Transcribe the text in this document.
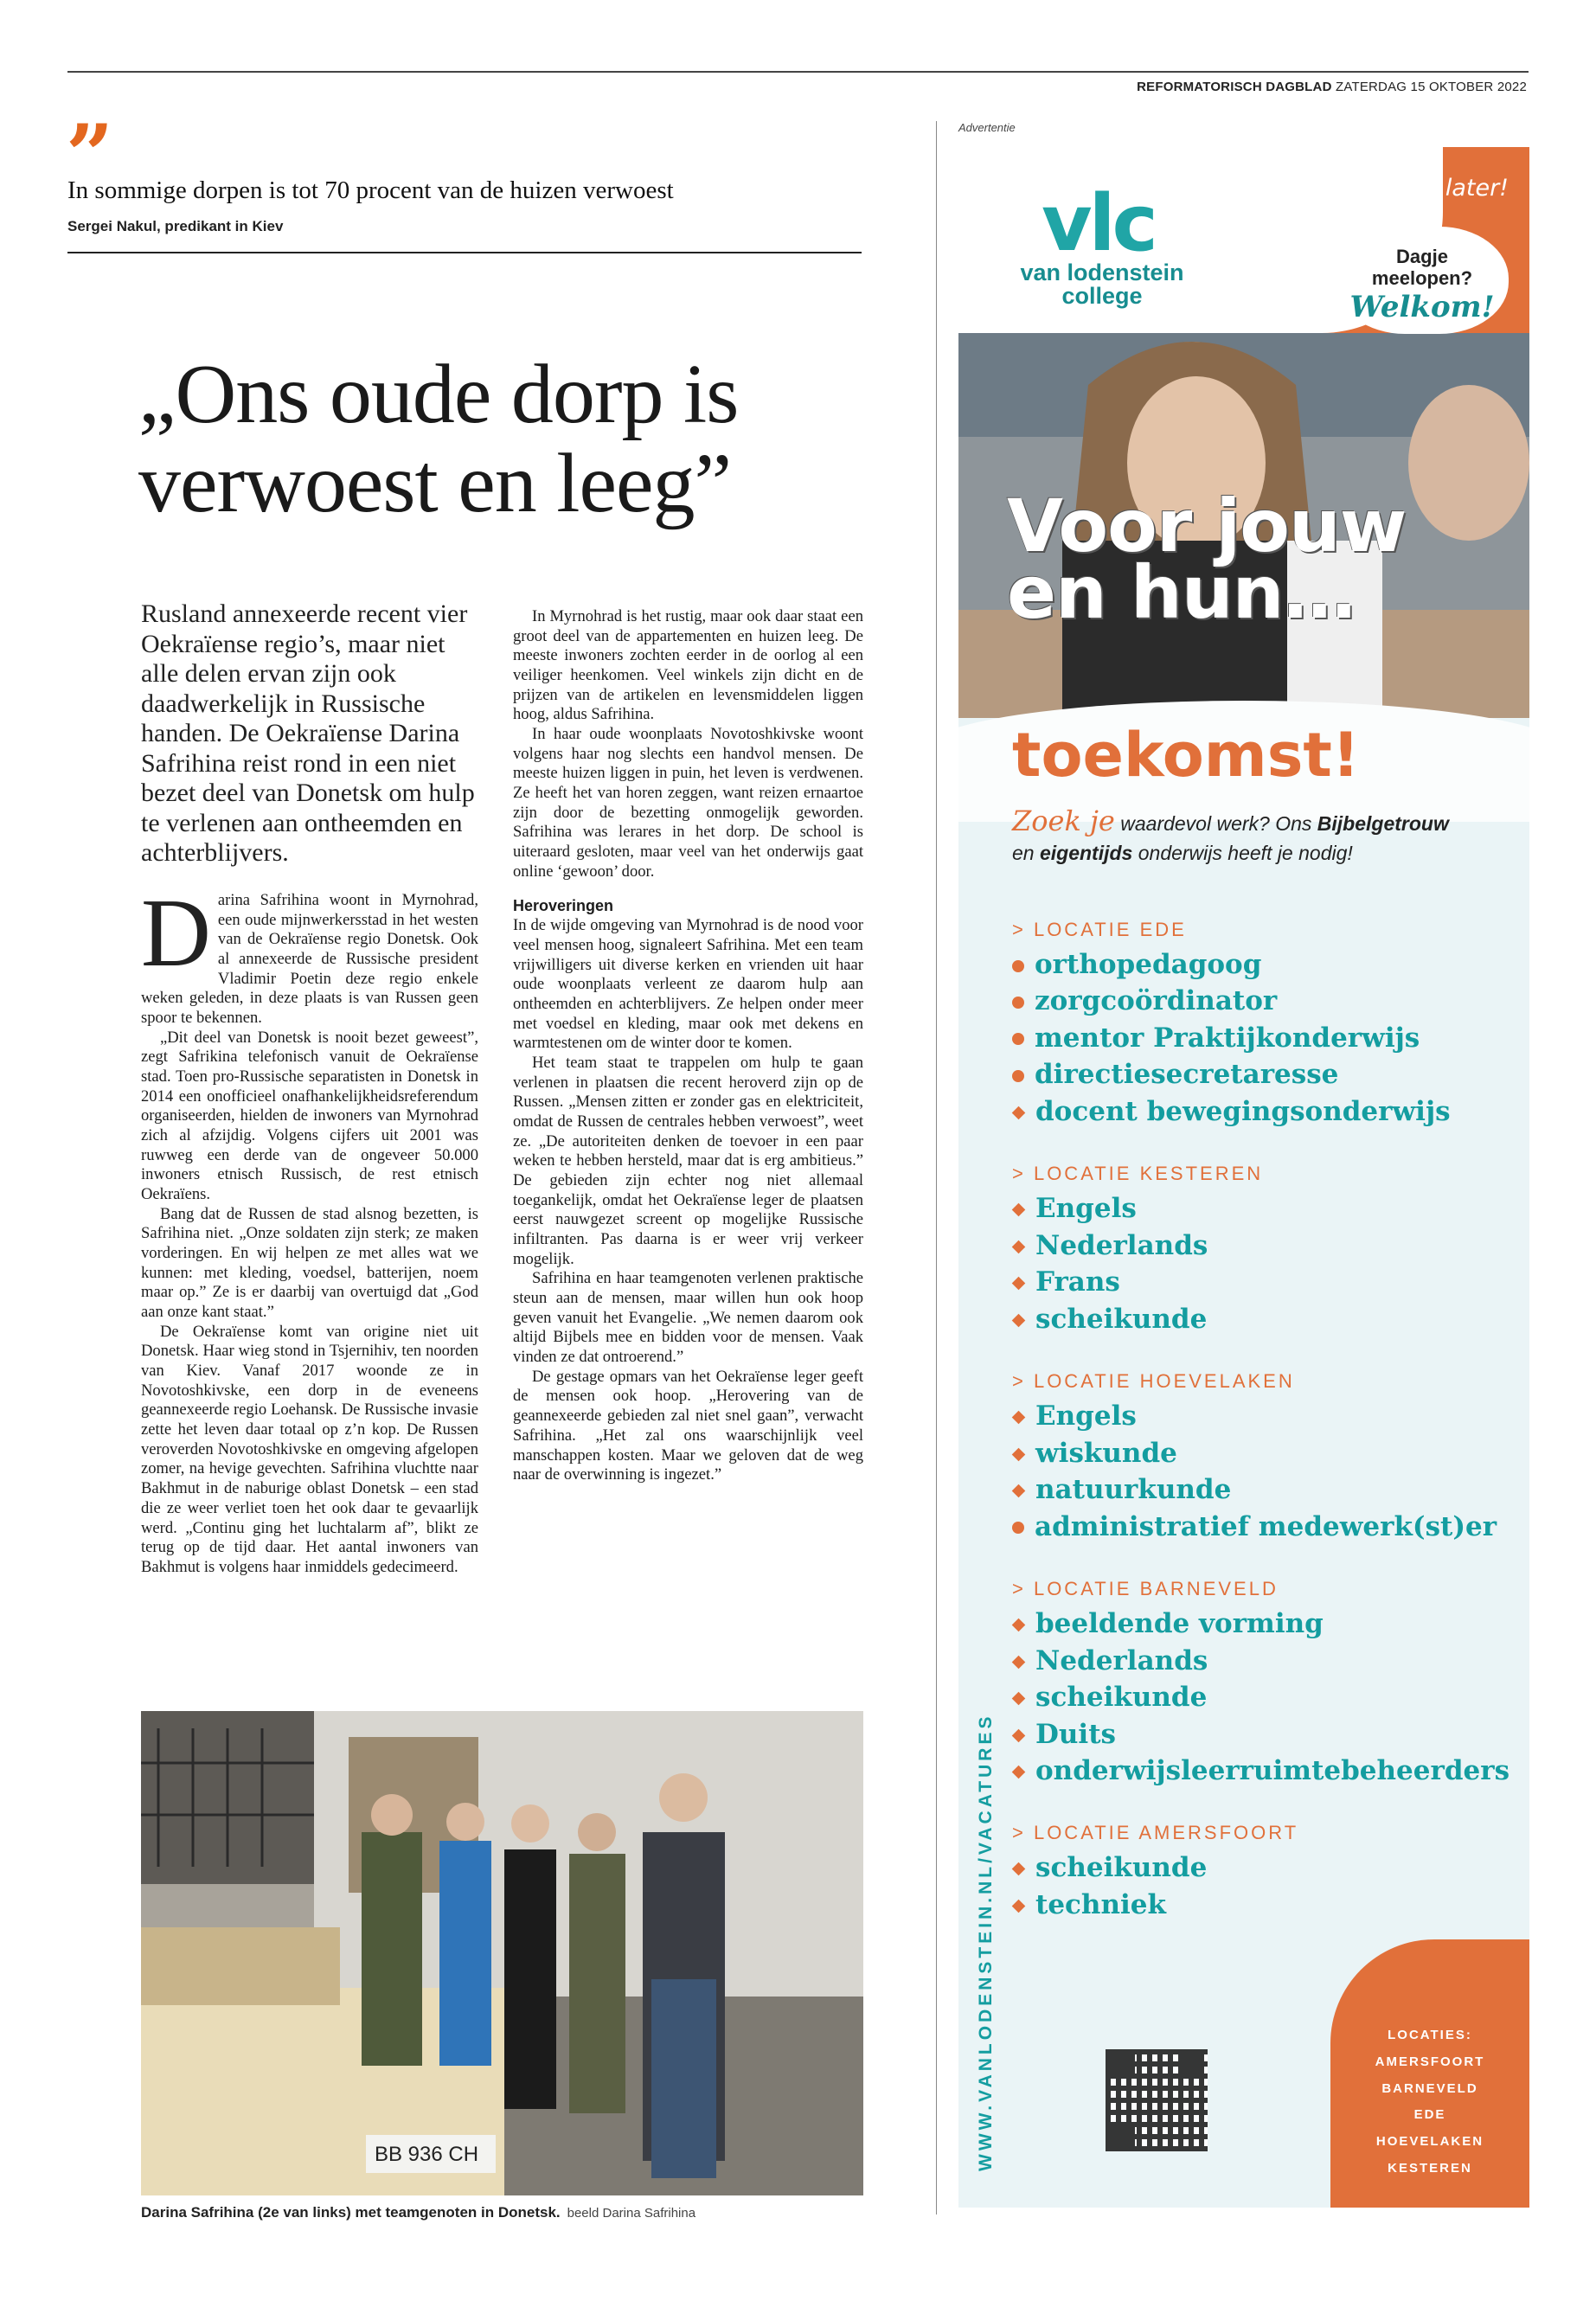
REFORMATORISCH DAGBLAD ZATERDAG 15 OKTOBER 2022
”
In sommige dorpen is tot 70 procent van de huizen verwoest
Sergei Nakul, predikant in Kiev
„Ons oude dorp is verwoest en leeg”
Rusland annexeerde recent vier Oekraïense regio’s, maar niet alle delen ervan zijn ook daadwerkelijk in Russische handen. De Oekraïense Darina Safrihina reist rond in een niet bezet deel van Donetsk om hulp te verlenen aan ontheemden en achterblijvers.
D arina Safrihina woont in Myrnohrad, een oude mijnwerkersstad in het westen van de Oekraïense regio Donetsk. Ook al annexeerde de Russische president Vladimir Poetin deze regio enkele weken geleden, in deze plaats is van Russen geen spoor te bekennen.

„Dit deel van Donetsk is nooit bezet geweest”, zegt Safrikina telefonisch vanuit de Oekraïense stad. Toen pro-Russische separatisten in Donetsk in 2014 een onofficieel onafhankelijkheidsreferendum organiseerden, hielden de inwoners van Myrnohrad zich al afzijdig. Volgens cijfers uit 2001 was ruwweg een derde van de ongeveer 50.000 inwoners etnisch Russisch, de rest etnisch Oekraïens.

Bang dat de Russen de stad alsnog bezetten, is Safrihina niet. „Onze soldaten zijn sterk; ze maken vorderingen. En wij helpen ze met alles wat we kunnen: met kleding, voedsel, batterijen, noem maar op.” Ze is er daarbij van overtuigd dat „God aan onze kant staat.”

De Oekraïense komt van origine niet uit Donetsk. Haar wieg stond in Tsjernihiv, ten noorden van Kiev. Vanaf 2017 woonde ze in Novotoshkivske, een dorp in de eveneens geannexeerde regio Loehansk. De Russische invasie zette het leven daar totaal op z’n kop. De Russen veroverden Novotoshkivske en omgeving afgelopen zomer, na hevige gevechten. Safrihina vluchtte naar Bakhmut in de naburige oblast Donetsk – een stad die ze weer verliet toen het ook daar te gevaarlijk werd. „Continu ging het luchtalarm af”, blikt ze terug op de tijd daar. Het aantal inwoners van Bakhmut is volgens haar inmiddels gedecimeerd.

In Myrnohrad is het rustig, maar ook daar staat een groot deel van de appartementen en huizen leeg. De meeste inwoners zochten eerder in de oorlog al een veiliger heenkomen. Veel winkels zijn dicht en de prijzen van de artikelen en levensmiddelen liggen hoog, aldus Safrihina.

In haar oude woonplaats Novotoshkivske woont volgens haar nog slechts een handvol mensen. De meeste huizen liggen in puin, het leven is verdwenen. Ze heeft het van horen zeggen, want reizen ernaartoe zijn door de bezetting onmogelijk geworden. Safrihina was lerares in het dorp. De school is uiteraard gesloten, maar veel van het onderwijs gaat online ‘gewoon’ door.

Heroveringen

In de wijde omgeving van Myrnohrad is de nood voor veel mensen hoog, signaleert Safrihina. Met een team vrijwilligers uit diverse kerken en vrienden uit haar oude woonplaats verleent ze daarom hulp aan ontheemden en achterblijvers. Ze helpen onder meer met voedsel en kleding, maar ook met dekens en warmtestenen om de winter door te komen.

Het team staat te trappelen om hulp te gaan verlenen in plaatsen die recent heroverd zijn op de Russen. „Mensen zitten er zonder gas en elektriciteit, omdat de Russen de centrales hebben verwoest”, weet ze. „De autoriteiten denken de toevoer in een paar weken te hebben hersteld, maar dat is erg ambitieus.” De gebieden zijn echter nog niet allemaal toegankelijk, omdat het Oekraïense leger de plaatsen eerst nauwgezet screent op mogelijke Russische infiltranten. Pas daarna is er weer vrij verkeer mogelijk.

Safrihina en haar teamgenoten verlenen praktische steun aan de mensen, maar willen hun ook hoop geven vanuit het Evangelie. „We nemen daarom ook altijd Bijbels mee en bidden voor de mensen. Vaak vinden ze dat ontroerend.”

De gestage opmars van het Oekraïense leger geeft de mensen ook hoop. „Herovering van de geannexeerde gebieden zal niet snel gaan”, verwacht Safrihina. „Het zal ons waarschijnlijk veel manschappen kosten. Maar we geloven dat de weg naar de overwinning is ingezet.”

BB 936 CH
Darina Safrihina (2e van links) met teamgenoten in Donetsk. beeld Darina Safrihina
Advertentie
vlc
van lodenstein college
Goed voor nu en later!
Dagje
meelopen?
Welkom!
Voor jouw en hun…
toekomst!
Zoek je waardevol werk? Ons Bijbelgetrouw
en eigentijds onderwijs heeft je nodig!
> LOCATIE EDE
orthopedagoog
zorgcoördinator
mentor Praktijkonderwijs
directiesecretaresse
docent bewegingsonderwijs
> LOCATIE KESTEREN
Engels
Nederlands
Frans
scheikunde
> LOCATIE HOEVELAKEN
Engels
wiskunde
natuurkunde
administratief medewerk(st)er
> LOCATIE BARNEVELD
beeldende vorming
Nederlands
scheikunde
Duits
onderwijsleerruimtebeheerders
> LOCATIE AMERSFOORT
scheikunde
techniek
WWW.VANLODENSTEIN.NL/VACATURES	LOCATIES:
AMERSFOORT
BARNEVELD
EDE
HOEVELAKEN
KESTEREN
